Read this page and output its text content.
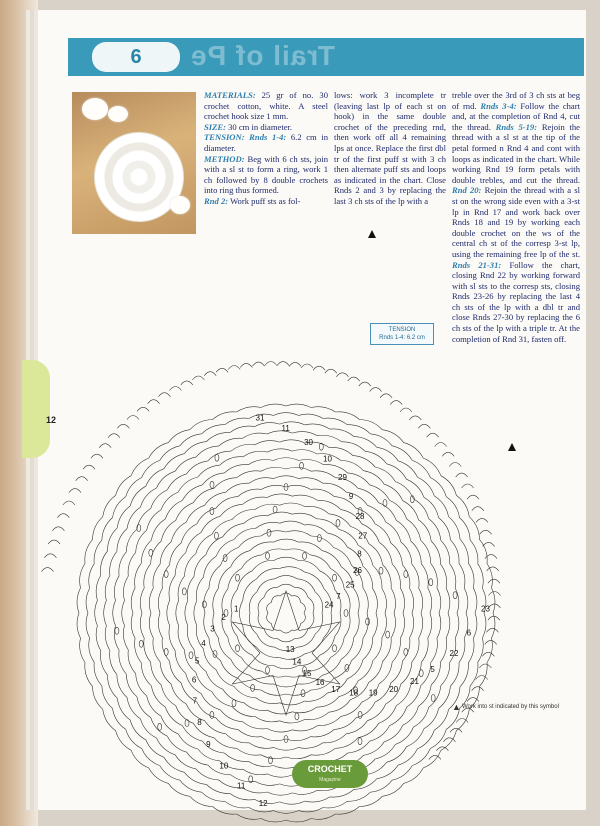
12
6 Trail of Pe
MATERIALS: 25 gr of no. 30 crochet cotton, white. A steel crochet hook size 1 mm.
SIZE: 30 cm in diameter.
TENSION: Rnds 1-4: 6.2 cm in diameter.
METHOD: Beg with 6 ch sts, join with a sl st to form a ring, work 1 ch followed by 8 double crochets into ring thus formed.
Rnd 2: Work puff sts as fol-
lows: work 3 incomplete tr (leaving last lp of each st on hook) in the same double crochet of the preceding rnd, then work off all 4 remaining lps at once. Replace the first dbl tr of the first puff st with 3 ch then alternate puff sts and loops as indicated in the chart. Close Rnds 2 and 3 by replacing the last 3 ch sts of the lp with a
treble over the 3rd of 3 ch sts at beg of rnd. Rnds 3-4: Follow the chart and, at the completion of Rnd 4, cut the thread. Rnds 5-19: Rejoin the thread with a sl st at the tip of the petal formed n Rnd 4 and cont with loops as indicated in the chart. While working Rnd 19 form petals with double trebles, and cut the thread. Rnd 20: Rejoin the thread with a sl st on the wrong side even with a 3-st lp in Rnd 17 and work back over Rnds 18 and 19 by working each double crochet on the ws of the central ch st of the corresp 3-st lp, using the remaining free lp of the st. Rnds 21-31: Follow the chart, closing Rnd 22 by working forward with sl sts to the corresp sts, closing Rnds 23-26 by replacing the last 4 ch sts of the lp with a dbl tr and close Rnds 27-30 by replacing the 6 ch sts of the lp with a triple tr. At the completion of Rnd 31, fasten off.
31
11
30
10
29
9
28
27
8
26
25
7
24	23
6
22
5
21
20
19
18
17
16
15
14
13
12
11
10
9
8
7
6
5
4
3
2
1
TENSION
Rnds 1-4: 6.2 cm
▲ Work into st indicated by this symbol
CROCHET
Magazine
